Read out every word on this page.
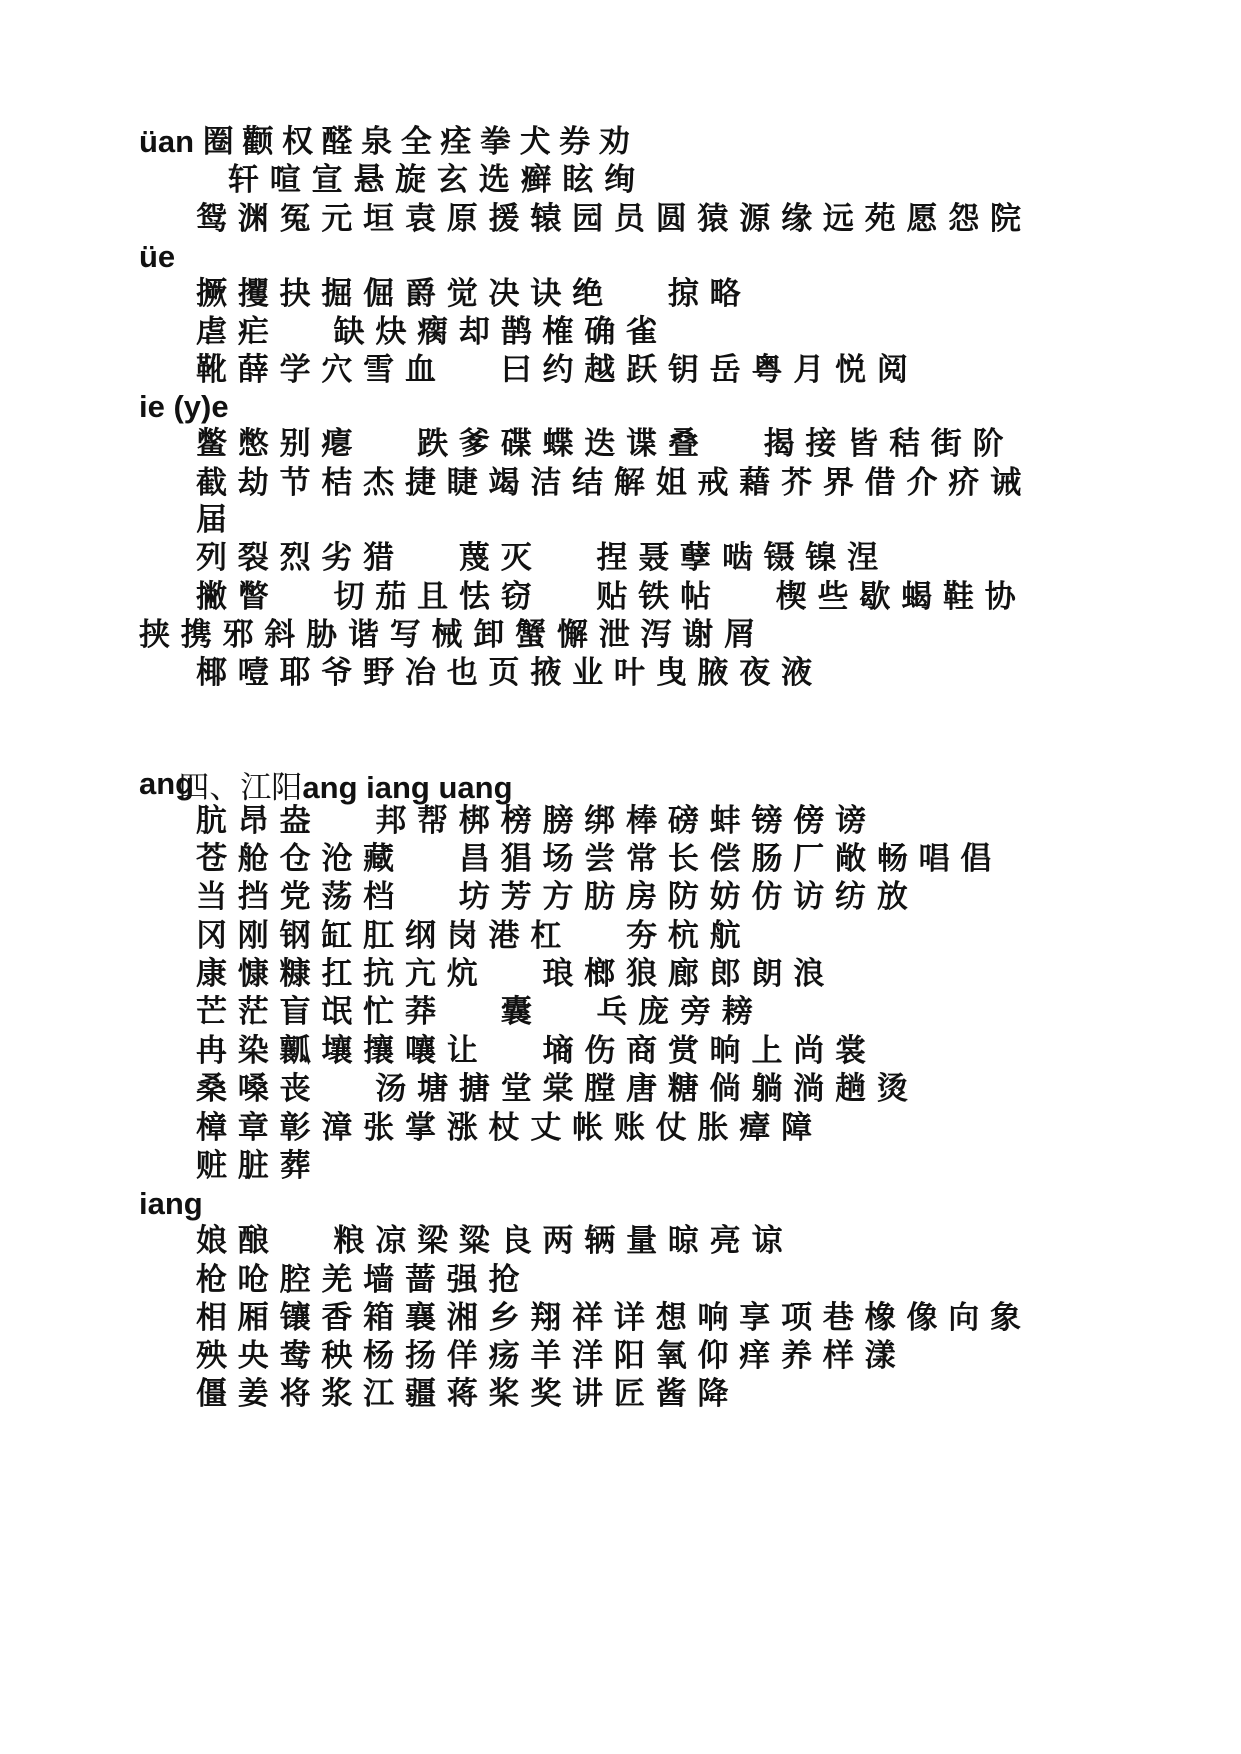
üan 圈 颧 权 醛 泉 全 痊 拳 犬 券 劝
轩 喧 宣 悬 旋 玄 选 癣 眩 绚
鸳 渊 冤 元 垣 袁 原 援 辕 园 员 圆 猿 源 缘 远 苑 愿 怨 院
üe
撅 攫 抉 掘 倔 爵 觉 决 诀 绝      掠 略
虐 疟      缺 炔 瘸 却 鹊 榷 确 雀
靴 薛 学 穴 雪 血      曰 约 越 跃 钥 岳 粤 月 悦 阅
ie (y)e
鳖 憋 别 瘪      跌 爹 碟 蝶 迭 谍 叠      揭 接 皆 秸 街 阶
截 劫 节 桔 杰 捷 睫 竭 洁 结 解 姐 戒 藉 芥 界 借 介 疥 诫
届
列 裂 烈 劣 猎      蔑 灭      捏 聂 孽 啮 镊 镍 涅
撇 瞥      切 茄 且 怯 窃      贴 铁 帖      楔 些 歇 蝎 鞋 协
挟 携 邪 斜 胁 谐 写 械 卸 蟹 懈 泄 泻 谢 屑
椰 噎 耶 爷 野 冶 也 页 掖 业 叶 曳 腋 夜 液

四、江阳ang iang uang

ang
肮 昂 盎      邦 帮 梆 榜 膀 绑 棒 磅 蚌 镑 傍 谤
苍 舱 仓 沧 藏      昌 猖 场 尝 常 长 偿 肠 厂 敞 畅 唱 倡
当 挡 党 荡 档      坊 芳 方 肪 房 防 妨 仿 访 纺 放
冈 刚 钢 缸 肛 纲 岗 港 杠      夯 杭 航
康 慷 糠 扛 抗 亢 炕      琅 榔 狼 廊 郎 朗 浪
芒 茫 盲 氓 忙 莽      囊      乓 庞 旁 耪
冉 染 瓤 壤 攘 嚷 让      墒 伤 商 赏 晌 上 尚 裳
桑 嗓 丧      汤 塘 搪 堂 棠 膛 唐 糖 倘 躺 淌 趟 烫
樟 章 彰 漳 张 掌 涨 杖 丈 帐 账 仗 胀 瘴 障
赃 脏 葬
iang
娘 酿      粮 凉 梁 粱 良 两 辆 量 晾 亮 谅
枪 呛 腔 羌 墙 蔷 强 抢
相 厢 镶 香 箱 襄 湘 乡 翔 祥 详 想 响 享 项 巷 橡 像 向 象
殃 央 鸯 秧 杨 扬 佯 疡 羊 洋 阳 氧 仰 痒 养 样 漾
僵 姜 将 浆 江 疆 蒋 桨 奖 讲 匠 酱 降
